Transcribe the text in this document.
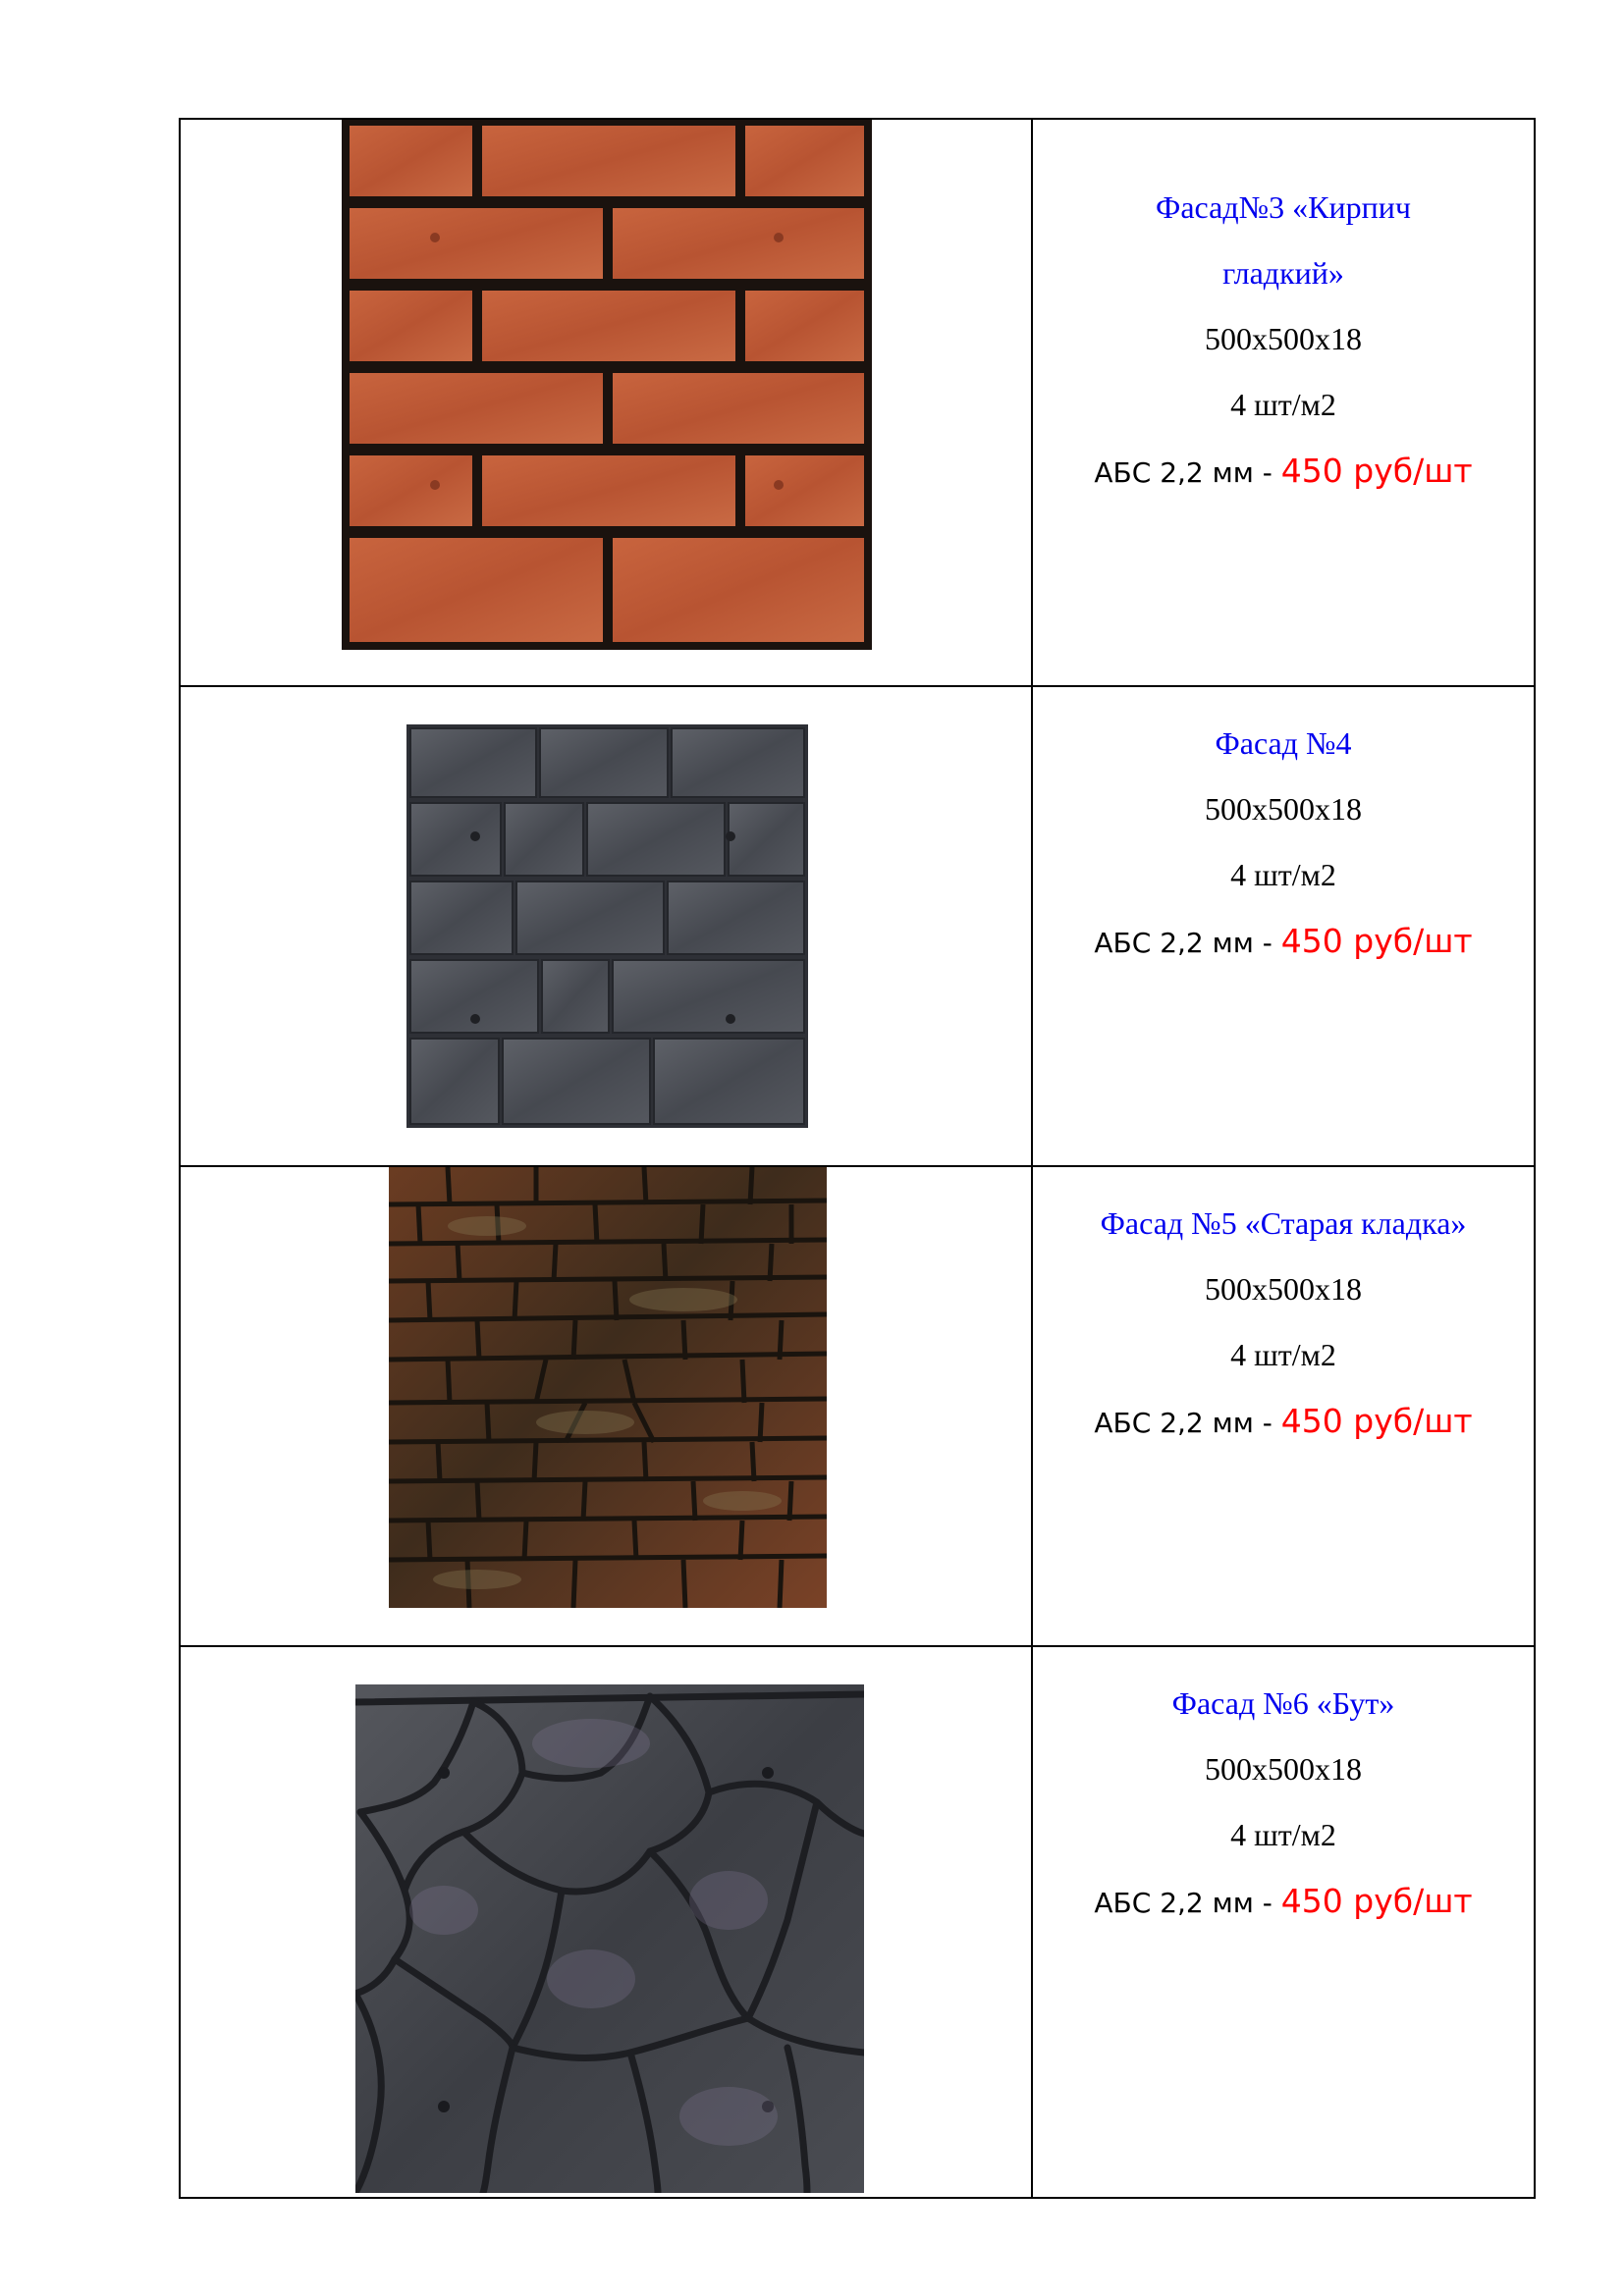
Фасад№3 «Кирпич
гладкий»
500х500х18
4 шт/м2
АБС 2,2 мм - 450 руб/шт
Фасад №4
500х500х18
4 шт/м2
АБС 2,2 мм - 450 руб/шт
Фасад №5 «Старая кладка»
500х500х18
4 шт/м2
АБС 2,2 мм - 450 руб/шт
Фасад №6 «Бут»
500х500х18
4 шт/м2
АБС 2,2 мм - 450 руб/шт
